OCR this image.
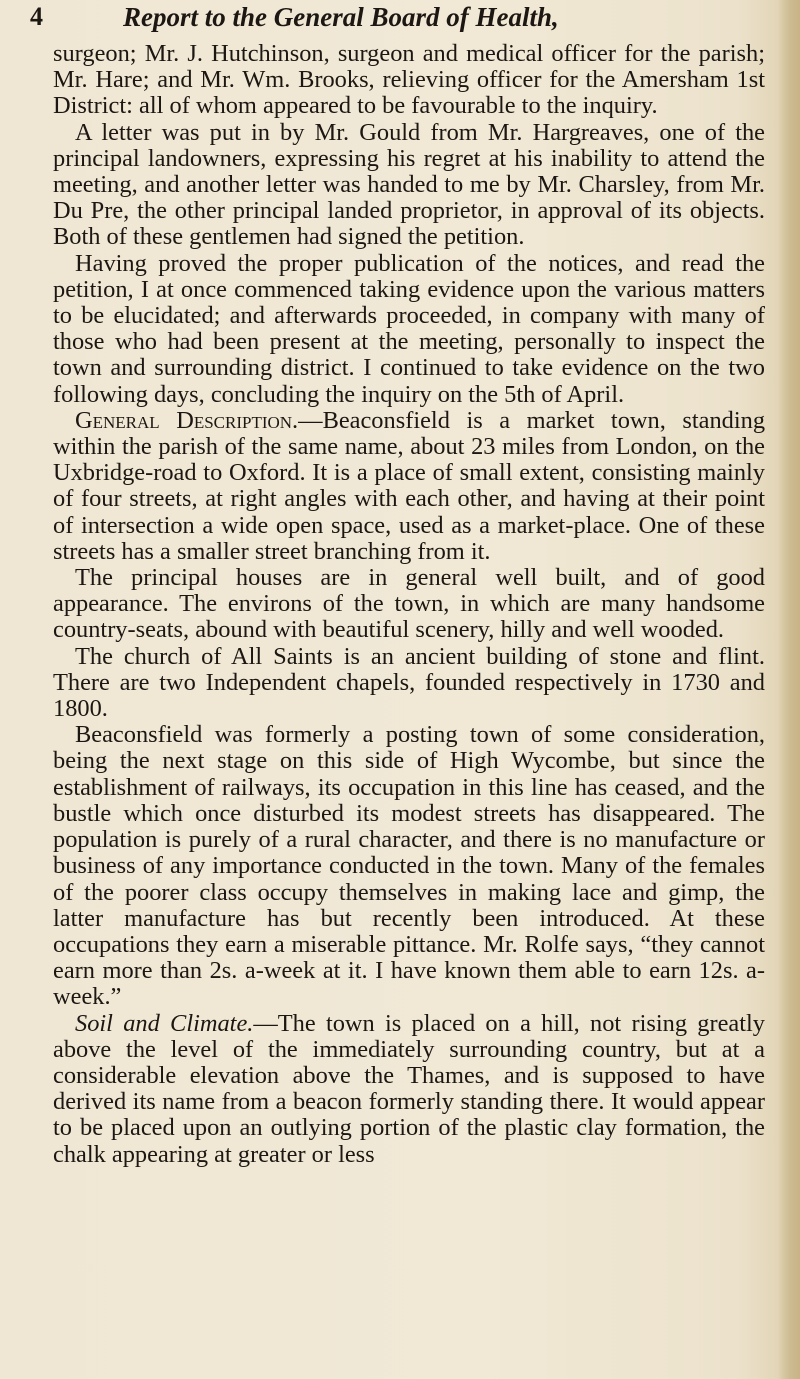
4	Report to the General Board of Health,

surgeon; Mr. J. Hutchinson, surgeon and medical officer for the parish; Mr. Hare; and Mr. Wm. Brooks, relieving officer for the Amersham 1st District: all of whom appeared to be favourable to the inquiry.

A letter was put in by Mr. Gould from Mr. Hargreaves, one of the principal landowners, expressing his regret at his inability to attend the meeting, and another letter was handed to me by Mr. Charsley, from Mr. Du Pre, the other principal landed proprietor, in approval of its objects. Both of these gentlemen had signed the petition.

Having proved the proper publication of the notices, and read the petition, I at once commenced taking evidence upon the various matters to be elucidated; and afterwards proceeded, in company with many of those who had been present at the meeting, personally to inspect the town and surrounding district. I continued to take evidence on the two following days, concluding the inquiry on the 5th of April.

General Description.—Beaconsfield is a market town, standing within the parish of the same name, about 23 miles from London, on the Uxbridge-road to Oxford. It is a place of small extent, consisting mainly of four streets, at right angles with each other, and having at their point of intersection a wide open space, used as a market-place. One of these streets has a smaller street branching from it.

The principal houses are in general well built, and of good appearance. The environs of the town, in which are many handsome country-seats, abound with beautiful scenery, hilly and well wooded.

The church of All Saints is an ancient building of stone and flint. There are two Independent chapels, founded respectively in 1730 and 1800.

Beaconsfield was formerly a posting town of some consideration, being the next stage on this side of High Wycombe, but since the establishment of railways, its occupation in this line has ceased, and the bustle which once disturbed its modest streets has disappeared. The population is purely of a rural character, and there is no manufacture or business of any importance conducted in the town. Many of the females of the poorer class occupy themselves in making lace and gimp, the latter manufacture has but recently been introduced. At these occupations they earn a miserable pittance. Mr. Rolfe says, “they cannot earn more than 2s. a-week at it. I have known them able to earn 12s. a-week.”

Soil and Climate.—The town is placed on a hill, not rising greatly above the level of the immediately surrounding country, but at a considerable elevation above the Thames, and is supposed to have derived its name from a beacon formerly standing there. It would appear to be placed upon an outlying portion of the plastic clay formation, the chalk appearing at greater or less
